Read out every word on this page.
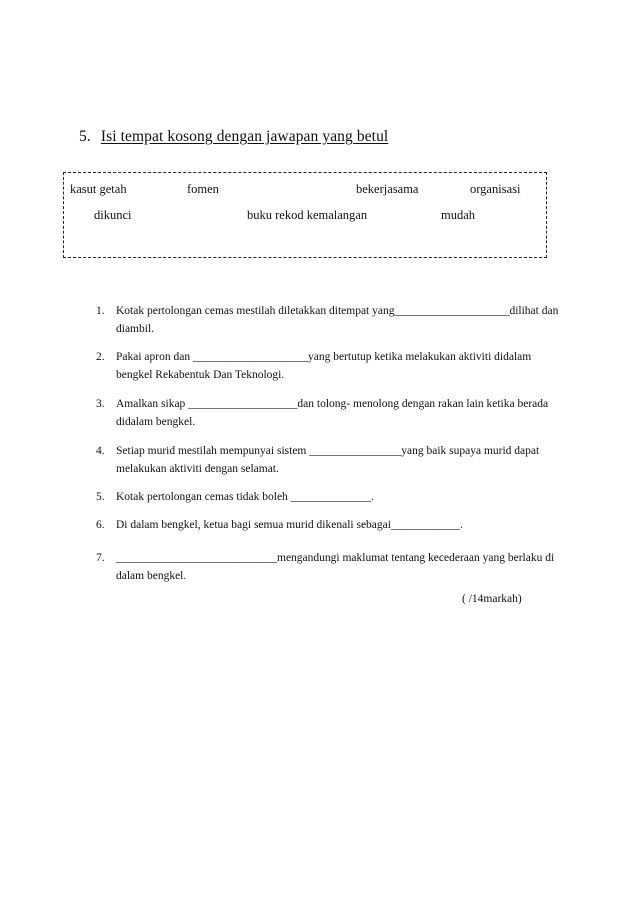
5. Isi tempat kosong dengan jawapan yang betul
kasut getah	fomen	bekerjasama	organisasi
dikunci	buku rekod kemalangan	mudah
1. Kotak pertolongan cemas mestilah diletakkan ditempat yang____________________dilihat dan diambil.
2. Pakai apron dan ____________________yang bertutup ketika melakukan aktiviti didalam bengkel Rekabentuk Dan Teknologi.
3. Amalkan sikap ___________________dan tolong- menolong dengan rakan lain ketika berada didalam bengkel.
4. Setiap murid mestilah mempunyai sistem ________________yang baik supaya murid dapat melakukan aktiviti dengan selamat.
5. Kotak pertolongan cemas tidak boleh ______________.
6. Di dalam bengkel, ketua bagi semua murid dikenali sebagai____________.
7. ____________________________mengandungi maklumat tentang kecederaan yang berlaku di dalam bengkel.
( /14markah)
